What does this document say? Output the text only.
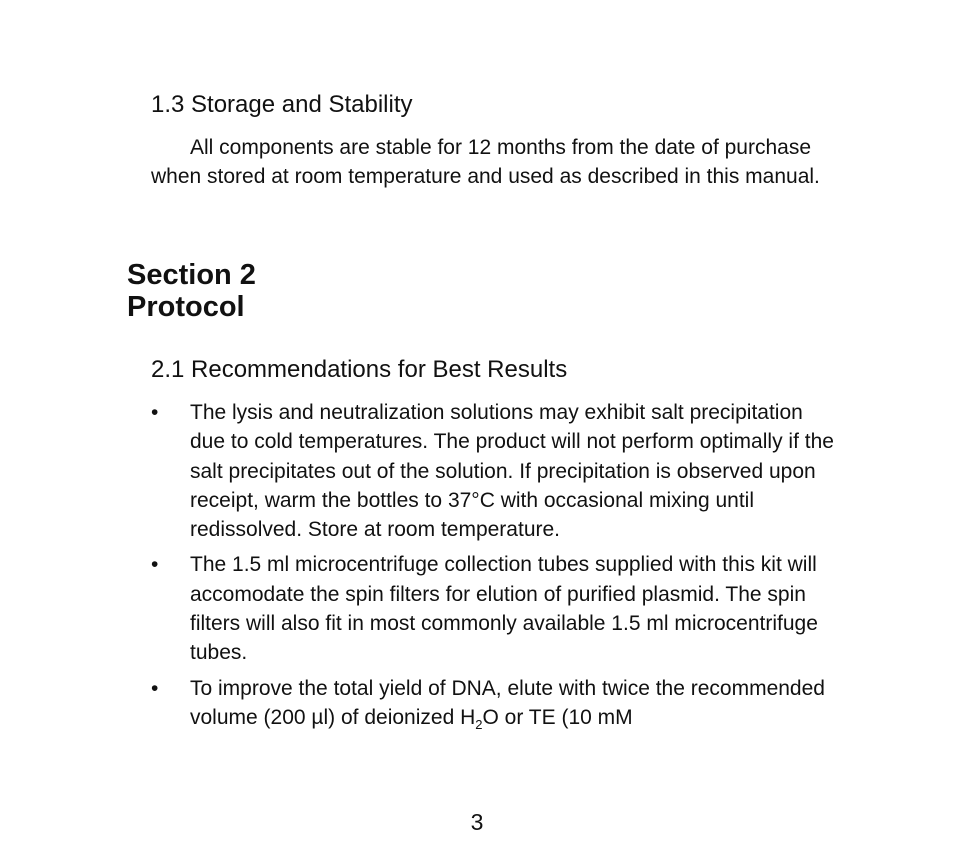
1.3 Storage and Stability

All components are stable for 12 months from the date of purchase when stored at room temperature and used as described in this manual.

Section 2
Protocol
2.1 Recommendations for Best Results
• The lysis and neutralization solutions may exhibit salt precipitation due to cold temperatures. The product will not perform optimally if the salt precipitates out of the solution. If precipitation is observed upon receipt, warm the bottles to 37°C with occasional mixing until redissolved. Store at room temperature.
• The 1.5 ml microcentrifuge collection tubes supplied with this kit will accomodate the spin filters for elution of purified plasmid. The spin filters will also fit in most commonly available 1.5 ml microcentrifuge tubes.
• To improve the total yield of DNA, elute with twice the recommended volume (200 µl) of deionized $H_2O$ or TE (10 mM
3
